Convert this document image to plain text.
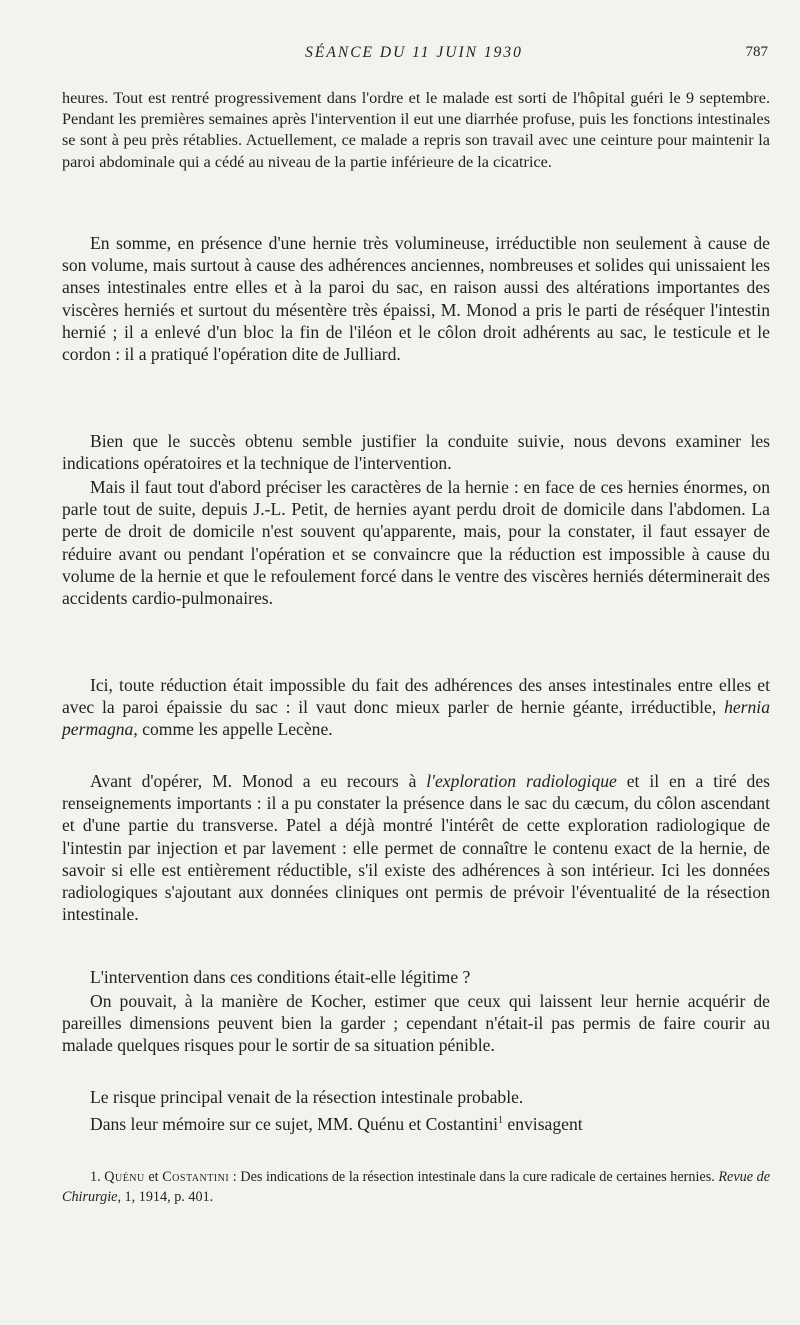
SÉANCE DU 11 JUIN 1930	787

heures. Tout est rentré progressivement dans l'ordre et le malade est sorti de l'hôpital guéri le 9 septembre. Pendant les premières semaines après l'intervention il eut une diarrhée profuse, puis les fonctions intestinales se sont à peu près rétablies. Actuellement, ce malade a repris son travail avec une ceinture pour maintenir la paroi abdominale qui a cédé au niveau de la partie inférieure de la cicatrice.

En somme, en présence d'une hernie très volumineuse, irréductible non seulement à cause de son volume, mais surtout à cause des adhérences anciennes, nombreuses et solides qui unissaient les anses intestinales entre elles et à la paroi du sac, en raison aussi des altérations importantes des viscères herniés et surtout du mésentère très épaissi, M. Monod a pris le parti de réséquer l'intestin hernié ; il a enlevé d'un bloc la fin de l'iléon et le côlon droit adhérents au sac, le testicule et le cordon : il a pratiqué l'opération dite de Julliard.

Bien que le succès obtenu semble justifier la conduite suivie, nous devons examiner les indications opératoires et la technique de l'intervention.

Mais il faut tout d'abord préciser les caractères de la hernie : en face de ces hernies énormes, on parle tout de suite, depuis J.-L. Petit, de hernies ayant perdu droit de domicile dans l'abdomen. La perte de droit de domicile n'est souvent qu'apparente, mais, pour la constater, il faut essayer de réduire avant ou pendant l'opération et se convaincre que la réduction est impossible à cause du volume de la hernie et que le refoulement forcé dans le ventre des viscères herniés déterminerait des accidents cardio-pulmonaires.

Ici, toute réduction était impossible du fait des adhérences des anses intestinales entre elles et avec la paroi épaissie du sac : il vaut donc mieux parler de hernie géante, irréductible, hernia permagna, comme les appelle Lecène.

Avant d'opérer, M. Monod a eu recours à l'exploration radiologique et il en a tiré des renseignements importants : il a pu constater la présence dans le sac du cæcum, du côlon ascendant et d'une partie du transverse. Patel a déjà montré l'intérêt de cette exploration radiologique de l'intestin par injection et par lavement : elle permet de connaître le contenu exact de la hernie, de savoir si elle est entièrement réductible, s'il existe des adhérences à son intérieur. Ici les données radiologiques s'ajoutant aux données cliniques ont permis de prévoir l'éventualité de la résection intestinale.

L'intervention dans ces conditions était-elle légitime ?

On pouvait, à la manière de Kocher, estimer que ceux qui laissent leur hernie acquérir de pareilles dimensions peuvent bien la garder ; cependant n'était-il pas permis de faire courir au malade quelques risques pour le sortir de sa situation pénible.

Le risque principal venait de la résection intestinale probable.

Dans leur mémoire sur ce sujet, MM. Quénu et Costantini$^1$ envisagent

1. Quénu et Costantini : Des indications de la résection intestinale dans la cure radicale de certaines hernies. Revue de Chirurgie, 1, 1914, p. 401.
